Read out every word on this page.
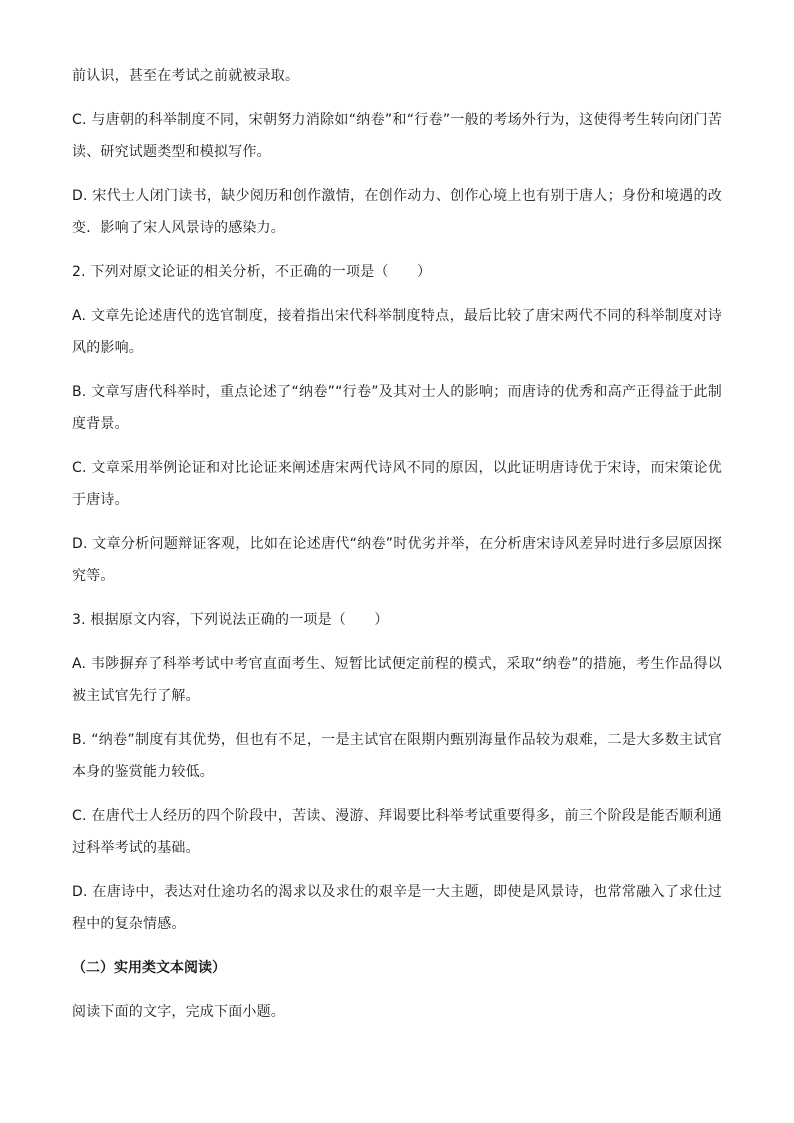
前认识，甚至在考试之前就被录取。

C. 与唐朝的科举制度不同，宋朝努力消除如“纳卷”和“行卷”一般的考场外行为，这使得考生转向闭门苦读、研究试题类型和模拟写作。

D. 宋代士人闭门读书，缺少阅历和创作激情，在创作动力、创作心境上也有别于唐人；身份和境遇的改变．影响了宋人风景诗的感染力。

2. 下列对原文论证的相关分析，不正确的一项是（　　）

A. 文章先论述唐代的选官制度，接着指出宋代科举制度特点，最后比较了唐宋两代不同的科举制度对诗风的影响。

B. 文章写唐代科举时，重点论述了“纳卷”“行卷”及其对士人的影响；而唐诗的优秀和高产正得益于此制度背景。

C. 文章采用举例论证和对比论证来阐述唐宋两代诗风不同的原因，以此证明唐诗优于宋诗，而宋策论优于唐诗。

D. 文章分析问题辩证客观，比如在论述唐代“纳卷”时优劣并举，在分析唐宋诗风差异时进行多层原因探究等。

3. 根据原文内容，下列说法正确的一项是（　　）

A. 韦陟摒弃了科举考试中考官直面考生、短暂比试便定前程的模式，采取“纳卷”的措施，考生作品得以被主试官先行了解。

B. “纳卷”制度有其优势，但也有不足，一是主试官在限期内甄别海量作品较为艰难，二是大多数主试官本身的鉴赏能力较低。

C. 在唐代士人经历的四个阶段中，苦读、漫游、拜谒要比科举考试重要得多，前三个阶段是能否顺利通过科举考试的基础。

D. 在唐诗中，表达对仕途功名的渴求以及求仕的艰辛是一大主题，即使是风景诗，也常常融入了求仕过程中的复杂情感。

（二）实用类文本阅读）

阅读下面的文字，完成下面小题。
